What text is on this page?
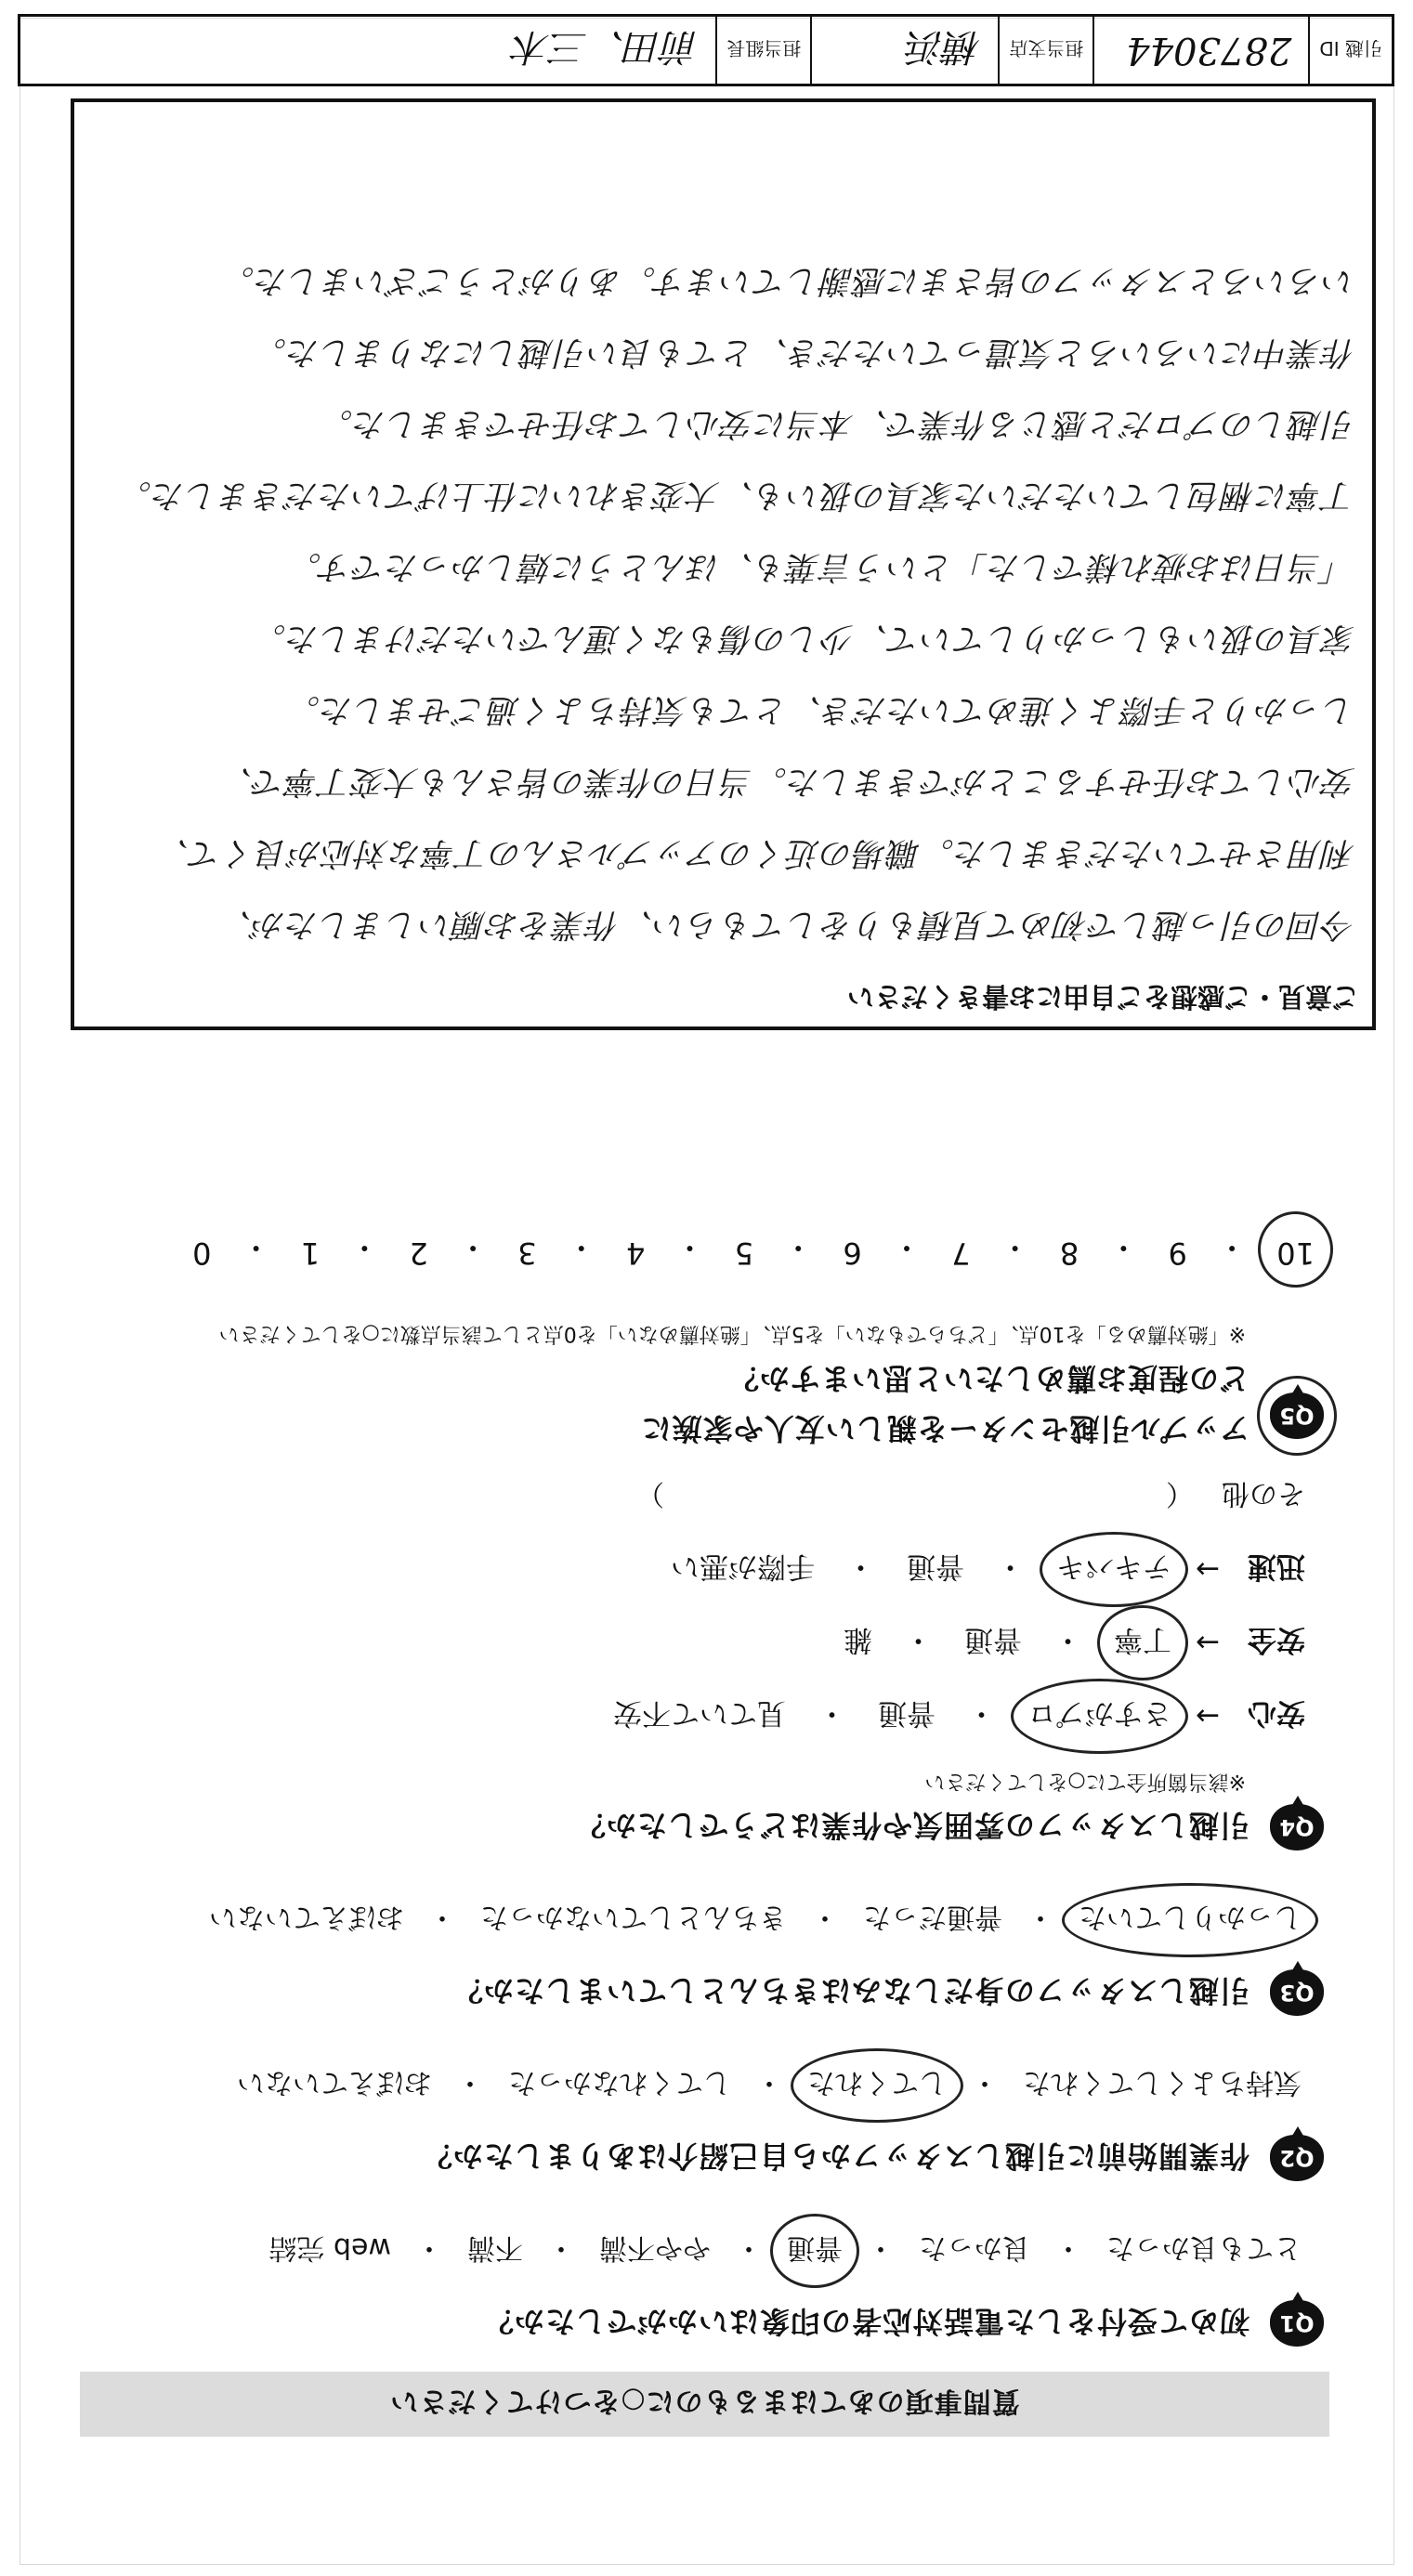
質問事項のあてはまるものに○をつけてください
Q1
初めて受付をした電話対応者の印象はいかがでしたか？
とても良かった
・
良かった
・
普通
・
やや不満
・
不満
・
web 完結
Q2
作業開始前に引越しスタッフから自己紹介はありましたか？
気持ちよくしてくれた
・
してくれた
・
してくれなかった
・
おぼえていない
Q3
引越しスタッフの身だしなみはきちんとしていましたか？
しっかりしていた
・
普通だった
・
きちんとしていなかった
・
おぼえていない
Q4
引越しスタッフの雰囲気や作業はどうでしたか？
※該当箇所全てに○をしてください
安心
→
さすがプロ
・
普通
・
見ていて不安
安全
→
丁寧
・
普通
・
雑
迅速
→
テキパキ
・
普通
・
手際が悪い
その他
（
）
Q5
アップル引越センターを親しい友人や家族に
どの程度お薦めしたいと思いますか？
※「絶対薦める」を10点、「どちらでもない」を5点、「絶対薦めない」を0点として該当点数に○をしてください
10
・
9
・
8
・
7
・
6
・
5
・
4
・
3
・
2
・
1
・
0
ご意見・ご感想をご自由にお書きください
今回の引っ越しで初めて見積もりをしてもらい、作業をお願いしましたが、
利用させていただきました。職場の近くのアップルさんの丁寧な対応が良くて、
安心してお任せすることができました。当日の作業の皆さんも大変丁寧で、
しっかりと手際よく進めていただき、とても気持ちよく過ごせました。
家具の扱いもしっかりしていて、少しの傷もなく運んでいただけました。
「当日はお疲れ様でした」という言葉も、ほんとうに嬉しかったです。
丁寧に梱包していただいた家具の扱いも、大変きれいに仕上げていただきました。
引越しのプロだと感じる作業で、本当に安心してお任せできました。
作業中にいろいろと気遣っていただき、とても良い引越しになりました。
いろいろとスタッフの皆さまに感謝しています。ありがとうございました。
引越 ID
2873044
担当支店
横浜
担当組長
前田、三木
